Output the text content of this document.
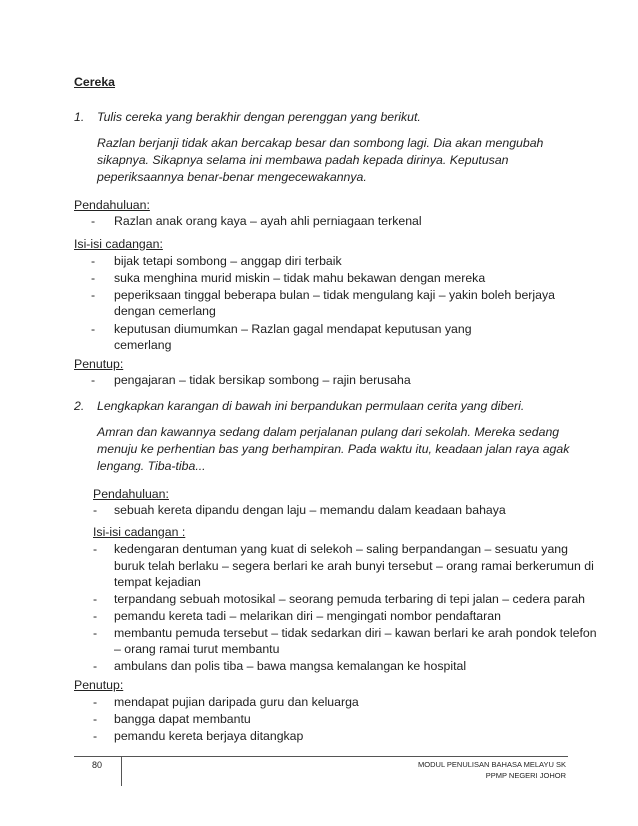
Cereka
1. Tulis cereka yang berakhir dengan perenggan yang berikut.
Razlan berjanji tidak akan bercakap besar dan sombong lagi. Dia akan mengubah
sikapnya. Sikapnya selama ini membawa padah kepada dirinya. Keputusan
peperiksaannya benar-benar mengecewakannya.
Pendahuluan:
- Razlan anak orang kaya – ayah ahli perniagaan terkenal
Isi-isi cadangan:
- bijak tetapi sombong – anggap diri terbaik
- suka menghina murid miskin – tidak mahu bekawan dengan mereka
- peperiksaan tinggal beberapa bulan – tidak mengulang kaji – yakin boleh berjaya
dengan cemerlang
- keputusan diumumkan – Razlan gagal mendapat keputusan yang
cemerlang
Penutup:
- pengajaran – tidak bersikap sombong – rajin berusaha
2. Lengkapkan karangan di bawah ini berpandukan permulaan cerita yang diberi.
Amran dan kawannya sedang dalam perjalanan pulang dari sekolah. Mereka sedang
menuju ke perhentian bas yang berhampiran. Pada waktu itu, keadaan jalan raya agak
lengang. Tiba-tiba...
Pendahuluan:
- sebuah kereta dipandu dengan laju – memandu dalam keadaan bahaya
Isi-isi cadangan :
- kedengaran dentuman yang kuat di selekoh – saling berpandangan – sesuatu yang
buruk telah berlaku – segera berlari ke arah bunyi tersebut – orang ramai berkerumun di
tempat kejadian
- terpandang sebuah motosikal – seorang pemuda terbaring di tepi jalan – cedera parah
- pemandu kereta tadi – melarikan diri – mengingati nombor pendaftaran
- membantu pemuda tersebut – tidak sedarkan diri – kawan berlari ke arah pondok telefon
– orang ramai turut membantu
- ambulans dan polis tiba – bawa mangsa kemalangan ke hospital
Penutup:
- mendapat pujian daripada guru dan keluarga
- bangga dapat membantu
- pemandu kereta berjaya ditangkap
80	MODUL PENULISAN BAHASA MELAYU SK
PPMP NEGERI JOHOR
